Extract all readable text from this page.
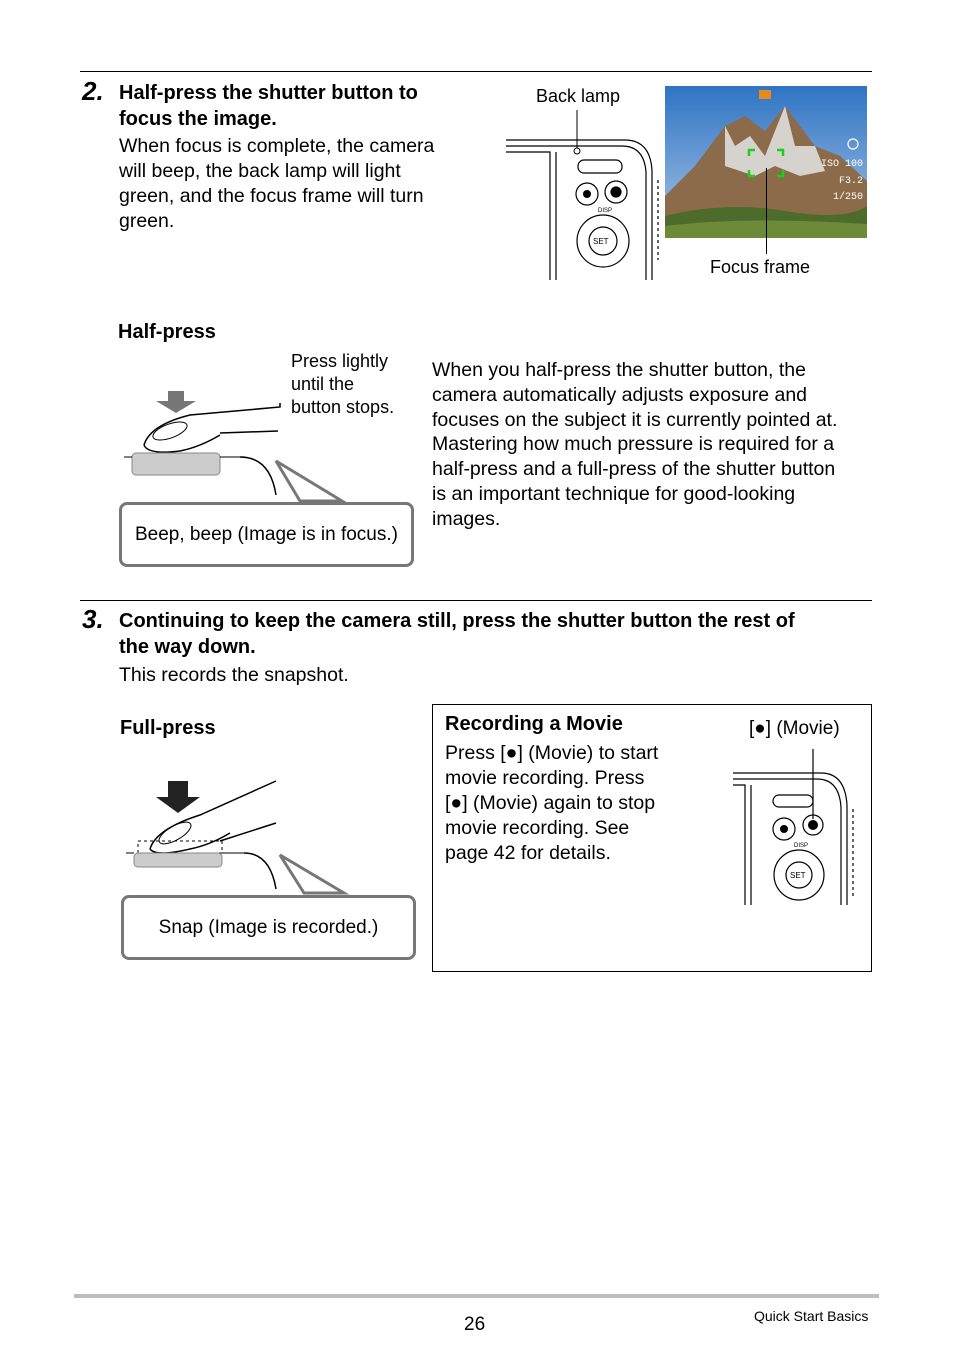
2. Half-press the shutter button to
focus the image.
When focus is complete, the camera
will beep, the back lamp will light
green, and the focus frame will turn
green.
Back lamp
Focus frame
DISP
SET
ISO 100
F3.2
1/250
Half-press
Press lightly
until the
button stops.
Beep, beep (Image is in focus.)
When you half-press the shutter button, the
camera automatically adjusts exposure and
focuses on the subject it is currently pointed at.
Mastering how much pressure is required for a
half-press and a full-press of the shutter button
is an important technique for good-looking
images.
3. Continuing to keep the camera still, press the shutter button the rest of
the way down.
This records the snapshot.
Full-press
Snap (Image is recorded.)
Recording a Movie
Press [●] (Movie) to start
movie recording. Press
[●] (Movie) again to stop
movie recording. See
page 42 for details.
[●] (Movie)
DISP
SET
26	Quick Start Basics
